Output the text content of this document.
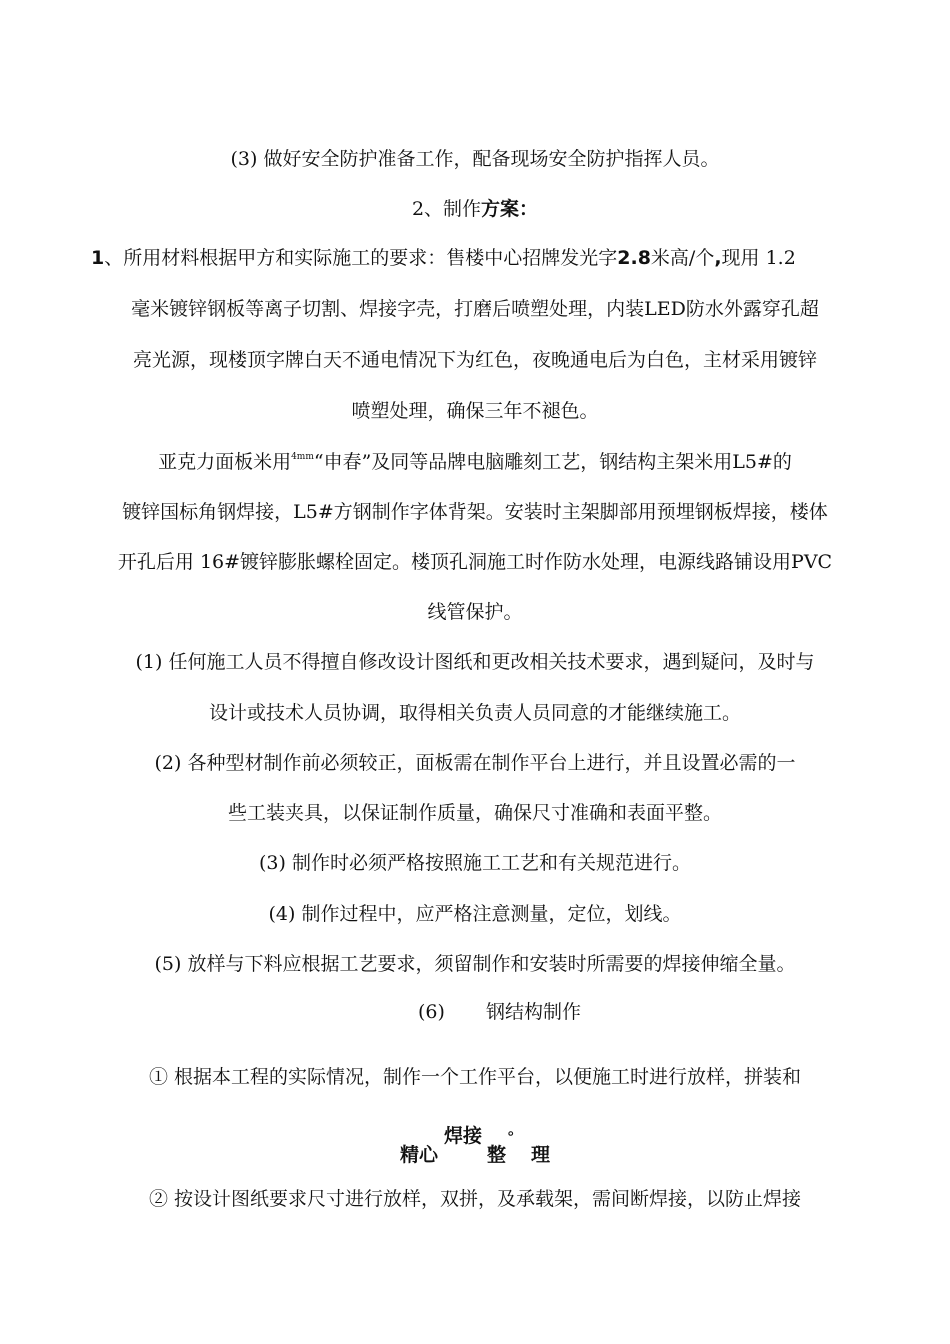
(3) 做好安全防护准备工作，配备现场安全防护指挥人员。
2、制作方案：
1、所用材料根据甲方和实际施工的要求：售楼中心招牌发光字2.8米高/个,现用 1.2
毫米镀锌钢板等离子切割、焊接字壳，打磨后喷塑处理，内装LED防水外露穿孔超
亮光源，现楼顶字牌白天不通电情况下为红色，夜晚通电后为白色，主材采用镀锌
喷塑处理，确保三年不褪色。
亚克力面板米用$^{4mm}$“申春”及同等品牌电脑雕刻工艺，钢结构主架米用L5#的
镀锌国标角钢焊接，L5#方钢制作字体背架。安装时主架脚部用预埋钢板焊接，楼体
开孔后用 16#镀锌膨胀螺栓固定。楼顶孔洞施工时作防水处理，电源线路铺设用PVC
线管保护。
(1) 任何施工人员不得擅自修改设计图纸和更改相关技术要求，遇到疑问，及时与
设计或技术人员协调，取得相关负责人员同意的才能继续施工。
(2) 各种型材制作前必须较正，面板需在制作平台上进行，并且设置必需的一
些工装夹具，以保证制作质量，确保尺寸准确和表面平整。
(3) 制作时必须严格按照施工工艺和有关规范进行。
(4) 制作过程中，应严格注意测量，定位，划线。
(5) 放样与下料应根据工艺要求，须留制作和安装时所需要的焊接伸缩全量。
(6) 钢结构制作
① 根据本工程的实际情况，制作一个工作平台，以便施工时进行放样，拼装和
精心
焊接
整
。
理
② 按设计图纸要求尺寸进行放样，双拼，及承载架，需间断焊接，以防止焊接
